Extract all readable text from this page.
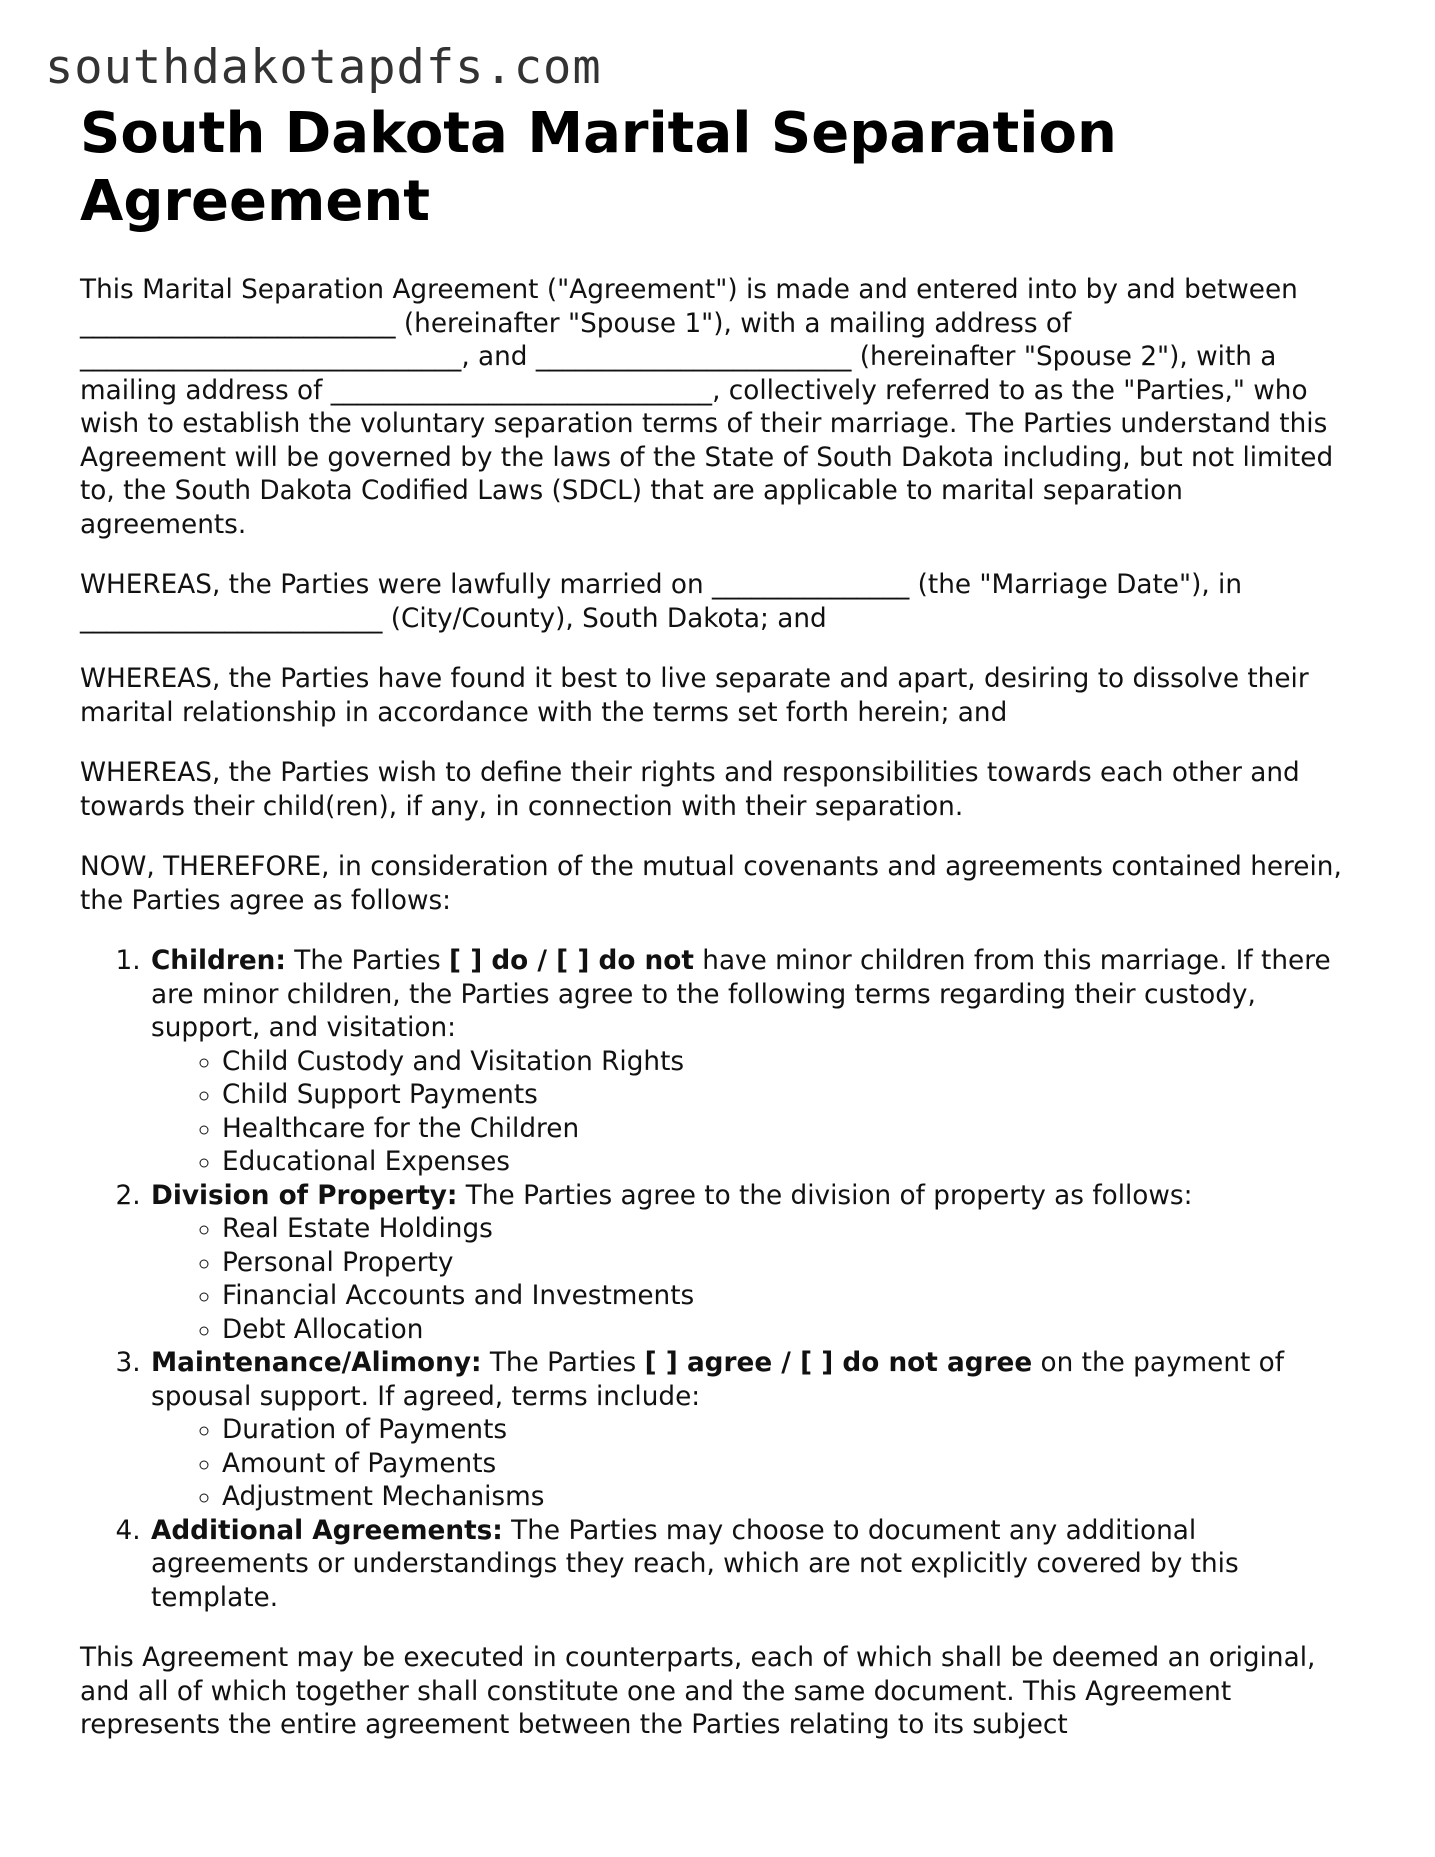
southdakotapdfs.com
South Dakota Marital Separation Agreement

This Marital Separation Agreement ("Agreement") is made and entered into by and between ________________________ (hereinafter "Spouse 1"), with a mailing address of _____________________________, and ________________________ (hereinafter "Spouse 2"), with a mailing address of _____________________________, collectively referred to as the "Parties," who wish to establish the voluntary separation terms of their marriage. The Parties understand this Agreement will be governed by the laws of the State of South Dakota including, but not limited to, the South Dakota Codified Laws (SDCL) that are applicable to marital separation agreements.

WHEREAS, the Parties were lawfully married on _______________ (the "Marriage Date"), in _______________________ (City/County), South Dakota; and

WHEREAS, the Parties have found it best to live separate and apart, desiring to dissolve their marital relationship in accordance with the terms set forth herein; and

WHEREAS, the Parties wish to define their rights and responsibilities towards each other and towards their child(ren), if any, in connection with their separation.

NOW, THEREFORE, in consideration of the mutual covenants and agreements contained herein, the Parties agree as follows:

1. Children: The Parties [ ] do / [ ] do not have minor children from this marriage. If there are minor children, the Parties agree to the following terms regarding their custody, support, and visitation:
◦ Child Custody and Visitation Rights
◦ Child Support Payments
◦ Healthcare for the Children
◦ Educational Expenses
2. Division of Property: The Parties agree to the division of property as follows:
◦ Real Estate Holdings
◦ Personal Property
◦ Financial Accounts and Investments
◦ Debt Allocation
3. Maintenance/Alimony: The Parties [ ] agree / [ ] do not agree on the payment of spousal support. If agreed, terms include:
◦ Duration of Payments
◦ Amount of Payments
◦ Adjustment Mechanisms
4. Additional Agreements: The Parties may choose to document any additional agreements or understandings they reach, which are not explicitly covered by this template.

This Agreement may be executed in counterparts, each of which shall be deemed an original, and all of which together shall constitute one and the same document. This Agreement represents the entire agreement between the Parties relating to its subject
